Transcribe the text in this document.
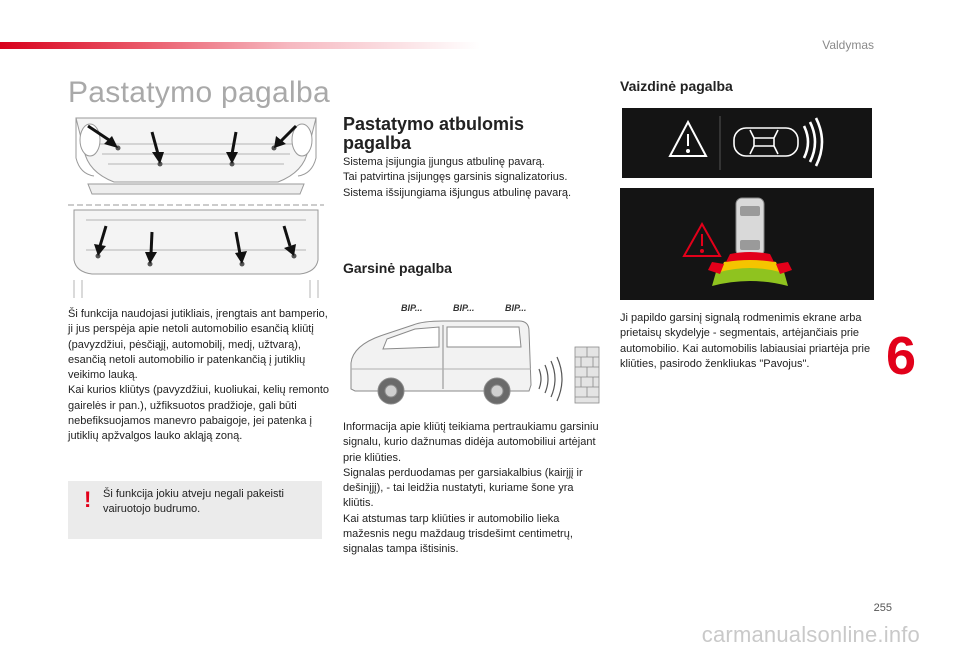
Valdymas
Pastatymo pagalba

Ši funkcija naudojasi jutikliais, įrengtais ant bamperio, ji jus perspėja apie netoli automobilio esančią kliūtį (pavyzdžiui, pėsčiąjį, automobilį, medį, užtvarą), esančią netoli automobilio ir patenkančią į jutiklių veikimo lauką.

Kai kurios kliūtys (pavyzdžiui, kuoliukai, kelių remonto gairelės ir pan.), užfiksuotos pradžioje, gali būti nebefiksuojamos manevro pabaigoje, jei patenka į jutiklių apžvalgos lauko akląją zoną.

! Ši funkcija jokiu atveju negali pakeisti vairuotojo budrumo.

Pastatymo atbulomis pagalba

Sistema įsijungia įjungus atbulinę pavarą.

Tai patvirtina įsijungęs garsinis signalizatorius.

Sistema išsijungiama išjungus atbulinę pavarą.

Garsinė pagalba
BIP...	BIP...	BIP...

Informacija apie kliūtį teikiama pertraukiamu garsiniu signalu, kurio dažnumas didėja automobiliui artėjant prie kliūties.

Signalas perduodamas per garsiakalbius (kairįjį ir dešinįjį), - tai leidžia nustatyti, kuriame šone yra kliūtis.

Kai atstumas tarp kliūties ir automobilio lieka mažesnis negu maždaug trisdešimt centimetrų, signalas tampa ištisinis.

Vaizdinė pagalba
Ji papildo garsinį signalą rodmenimis ekrane arba prietaisų skydelyje - segmentais, artėjančiais prie automobilio. Kai automobilis labiausiai priartėja prie kliūties, pasirodo ženkliukas "Pavojus".	6
255
carmanualsonline.info
